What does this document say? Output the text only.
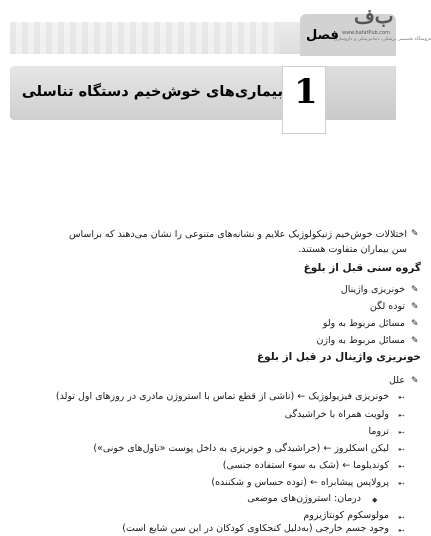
فصل
ب‌ف
www.bafatPub.com
فروشگاه تخصصی پزشکی، دندانپزشکی و داروسازی
1
بیماری‌های خوش‌خیم دستگاه تناسلی
✎
اختلالات خوش‌خیم ژنیکولوژیک علایم و نشانه‌های متنوعی را نشان می‌دهند که براساس
سن بیماران متفاوت هستند.
گروه سنی قبل از بلوغ
✎
خونریزی واژینال
✎
توده لگن
✎
مسائل مربوط به ولو
✎
مسائل مربوط به واژن
خونریزی واژینال در قبل از بلوغ
✎
علل
➸
خونریزی فیزیولوژیک ← (ناشی از قطع تماس با استروژن مادری در روزهای اول تولد)
➸
ولویت همراه با خراشیدگی
➸
تروما
➸
لیکن اسکلروز ← (خراشیدگی و خونریزی به داخل پوست «تاول‌های خونی»)
➸
کوندیلوما ← (شک به سوء استفاده جنسی)
➸
پرولاپس پیشابراه ← (توده حساس و شکننده)
◆
درمان: استروژن‌های موضعی
➸
مولوسکوم کونتاژیزوم
➸
وجود جسم خارجی (به‌دلیل کنجکاوی کودکان در این سن شایع است)
